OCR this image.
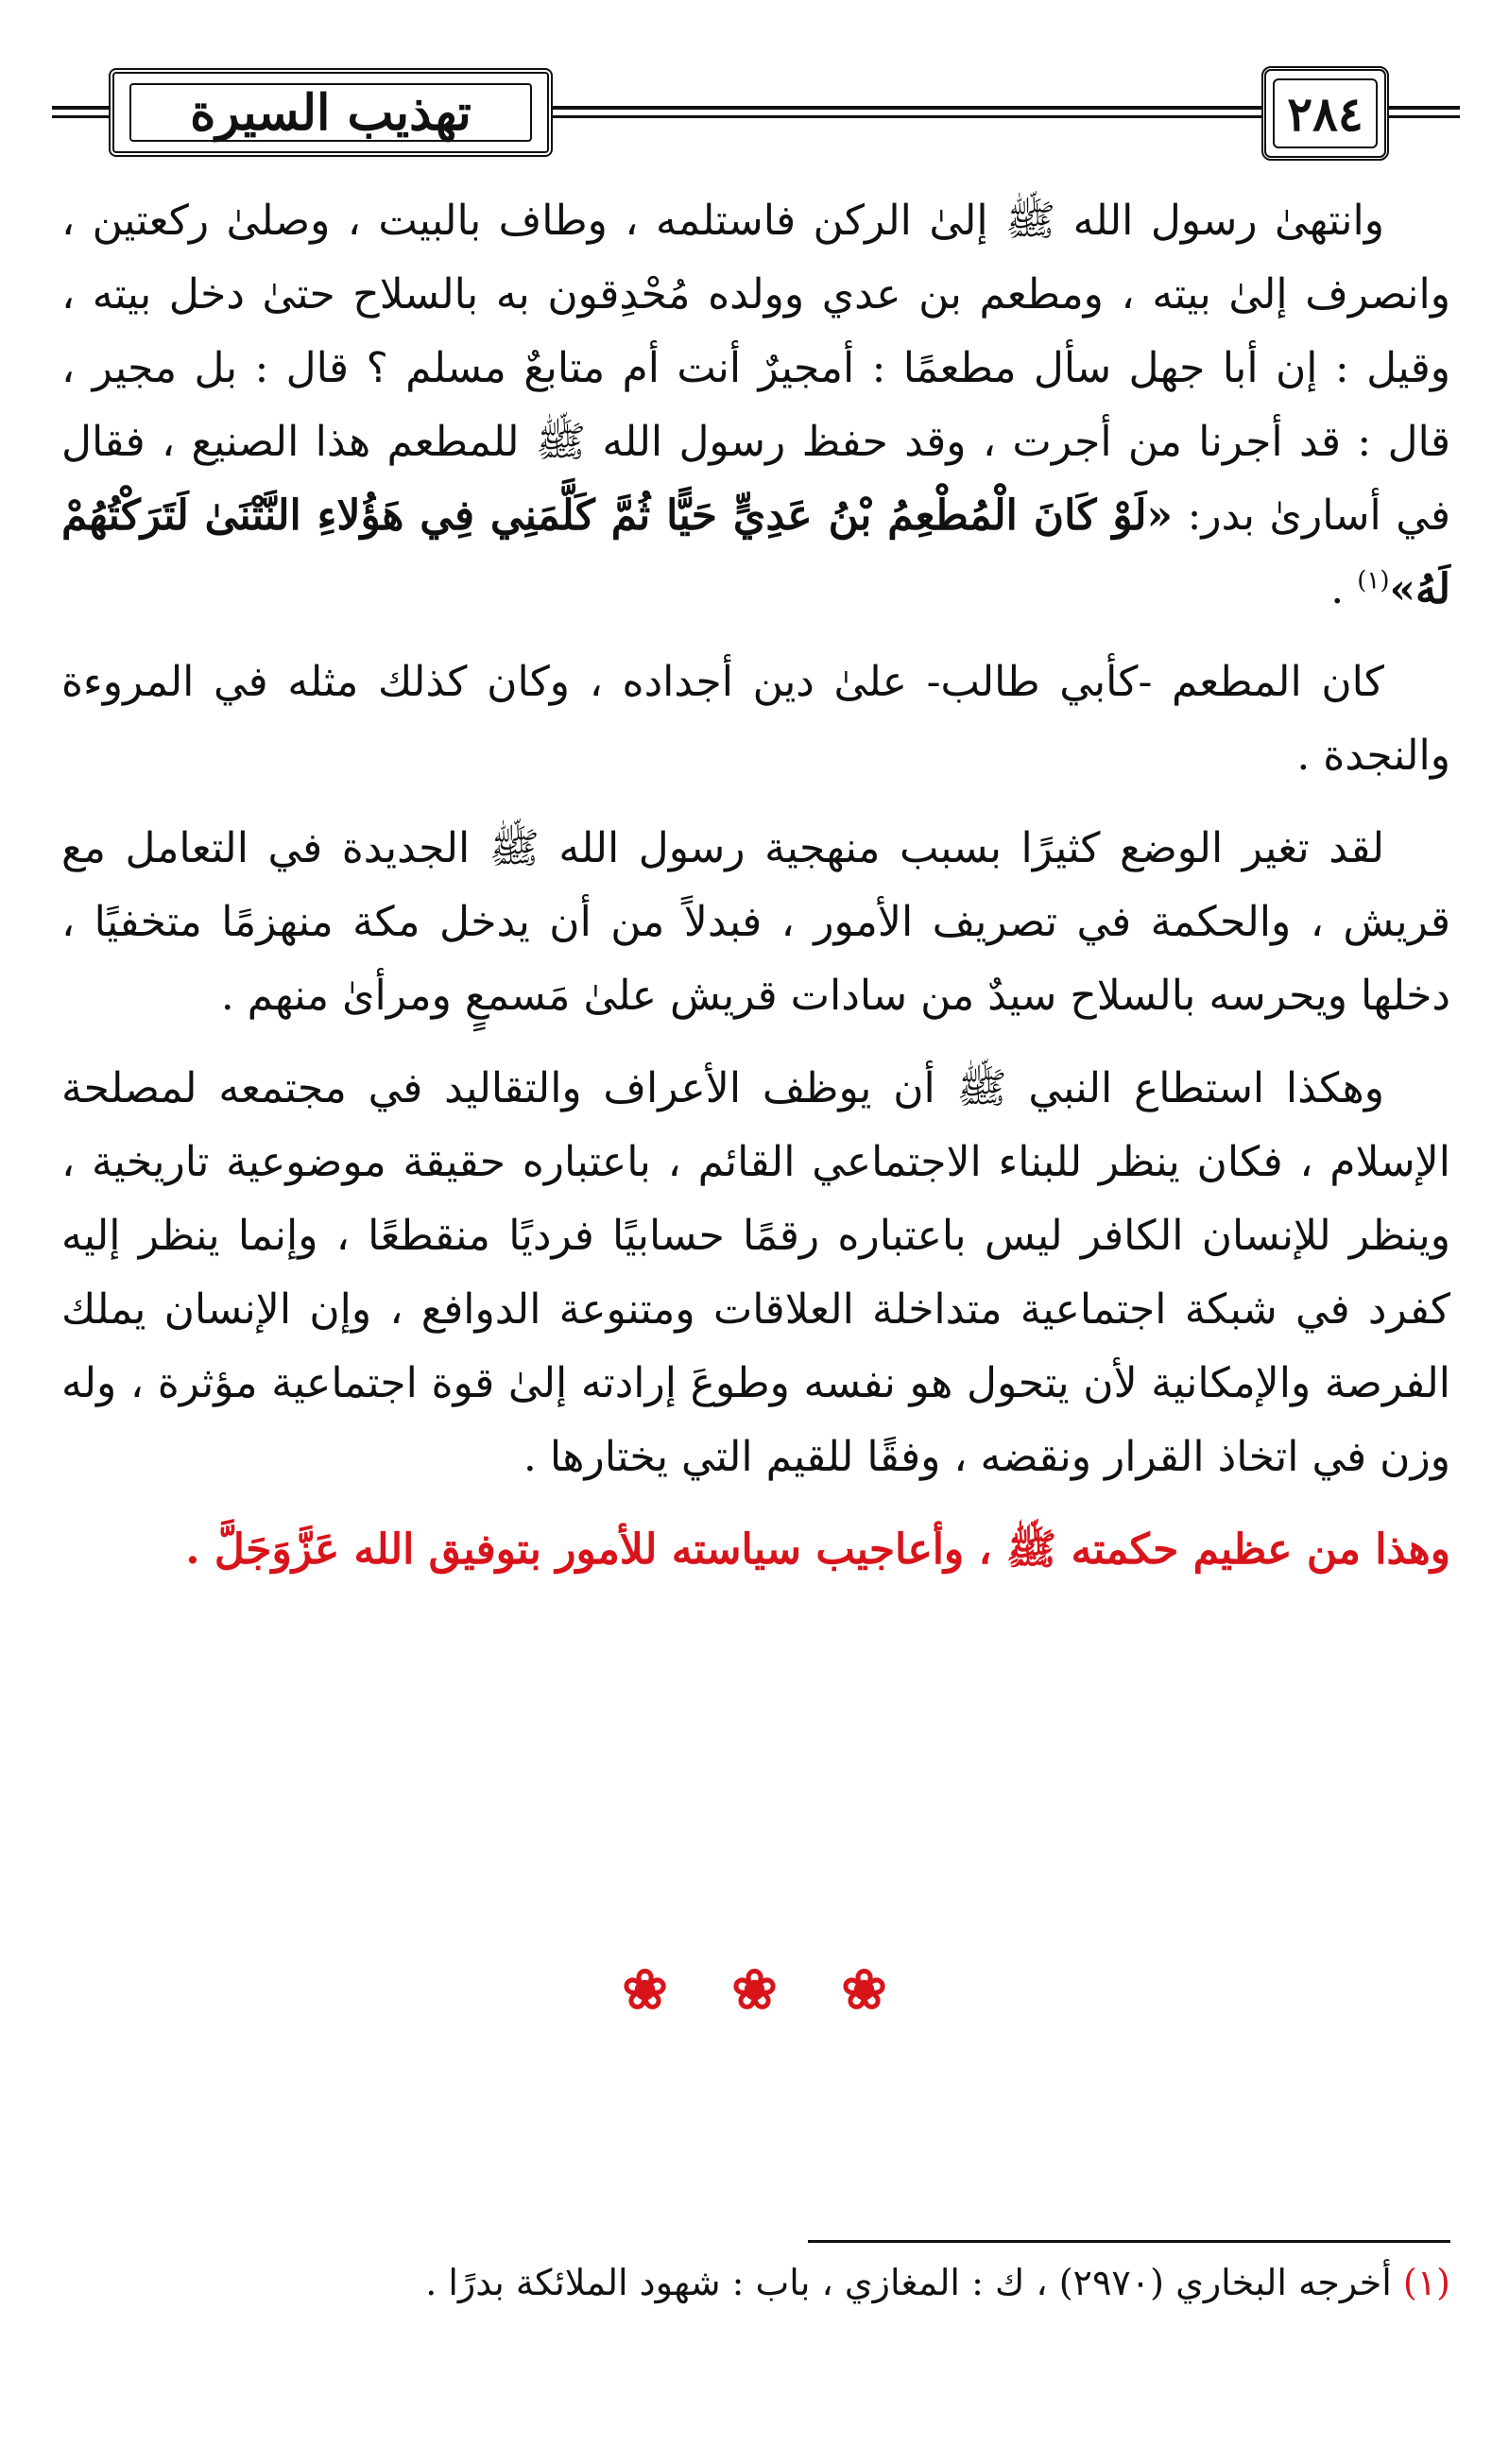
تهذيب السيرة	٢٨٤

وانتهىٰ رسول الله ﷺ إلىٰ الركن فاستلمه ، وطاف بالبيت ، وصلىٰ ركعتين ، وانصرف إلىٰ بيته ، ومطعم بن عدي وولده مُحْدِقون به بالسلاح حتىٰ دخل بيته ، وقيل : إن أبا جهل سأل مطعمًا : أمجيرٌ أنت أم متابعٌ مسلم ؟ قال : بل مجير ، قال : قد أجرنا من أجرت ، وقد حفظ رسول الله ﷺ للمطعم هذا الصنيع ، فقال في أسارىٰ بدر: «لَوْ كَانَ الْمُطْعِمُ بْنُ عَدِيٍّ حَيًّا ثُمَّ كَلَّمَنِي فِي هَؤُلاءِ النَّتْنَىٰ لَتَرَكْتُهُمْ لَهُ»$^{(١)}$ .

كان المطعم -كأبي طالب- علىٰ دين أجداده ، وكان كذلك مثله في المروءة والنجدة .

لقد تغير الوضع كثيرًا بسبب منهجية رسول الله ﷺ الجديدة في التعامل مع قريش ، والحكمة في تصريف الأمور ، فبدلاً من أن يدخل مكة منهزمًا متخفيًا ، دخلها ويحرسه بالسلاح سيدٌ من سادات قريش علىٰ مَسمعٍ ومرأىٰ منهم .

وهكذا استطاع النبي ﷺ أن يوظف الأعراف والتقاليد في مجتمعه لمصلحة الإسلام ، فكان ينظر للبناء الاجتماعي القائم ، باعتباره حقيقة موضوعية تاريخية ، وينظر للإنسان الكافر ليس باعتباره رقمًا حسابيًا فرديًا منقطعًا ، وإنما ينظر إليه كفرد في شبكة اجتماعية متداخلة العلاقات ومتنوعة الدوافع ، وإن الإنسان يملك الفرصة والإمكانية لأن يتحول هو نفسه وطوعَ إرادته إلىٰ قوة اجتماعية مؤثرة ، وله وزن في اتخاذ القرار ونقضه ، وفقًا للقيم التي يختارها .

وهذا من عظيم حكمته ﷺ ، وأعاجيب سياسته للأمور بتوفيق الله عَزَّوَجَلَّ .

❀ ❀ ❀
(١) أخرجه البخاري (٢٩٧٠) ، ك : المغازي ، باب : شهود الملائكة بدرًا .
